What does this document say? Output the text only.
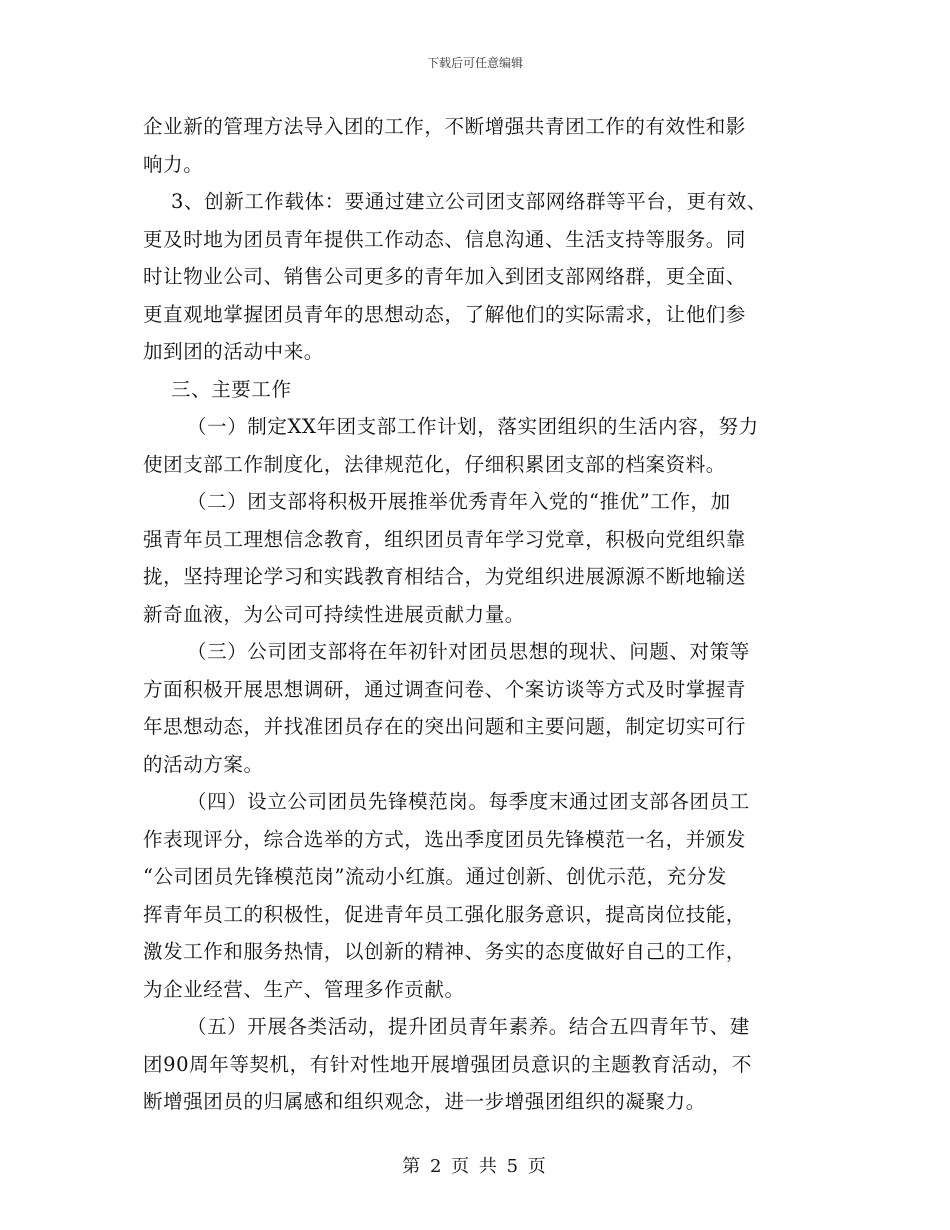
下载后可任意编辑
企业新的管理方法导入团的工作，不断增强共青团工作的有效性和影
响力。
3、创新工作载体：要通过建立公司团支部网络群等平台，更有效、
更及时地为团员青年提供工作动态、信息沟通、生活支持等服务。同
时让物业公司、销售公司更多的青年加入到团支部网络群，更全面、
更直观地掌握团员青年的思想动态，了解他们的实际需求，让他们参
加到团的活动中来。
三、主要工作
（一）制定XX年团支部工作计划，落实团组织的生活内容，努力
使团支部工作制度化，法律规范化，仔细积累团支部的档案资料。
（二）团支部将积极开展推举优秀青年入党的“推优”工作，加
强青年员工理想信念教育，组织团员青年学习党章，积极向党组织靠
拢，坚持理论学习和实践教育相结合，为党组织进展源源不断地输送
新奇血液，为公司可持续性进展贡献力量。
（三）公司团支部将在年初针对团员思想的现状、问题、对策等
方面积极开展思想调研，通过调查问卷、个案访谈等方式及时掌握青
年思想动态，并找准团员存在的突出问题和主要问题，制定切实可行
的活动方案。
（四）设立公司团员先锋模范岗。每季度末通过团支部各团员工
作表现评分，综合选举的方式，选出季度团员先锋模范一名，并颁发
“公司团员先锋模范岗”流动小红旗。通过创新、创优示范，充分发
挥青年员工的积极性，促进青年员工强化服务意识，提高岗位技能，
激发工作和服务热情，以创新的精神、务实的态度做好自己的工作，
为企业经营、生产、管理多作贡献。
（五）开展各类活动，提升团员青年素养。结合五四青年节、建
团90周年等契机，有针对性地开展增强团员意识的主题教育活动，不
断增强团员的归属感和组织观念，进一步增强团组织的凝聚力。
第 2 页 共 5 页
